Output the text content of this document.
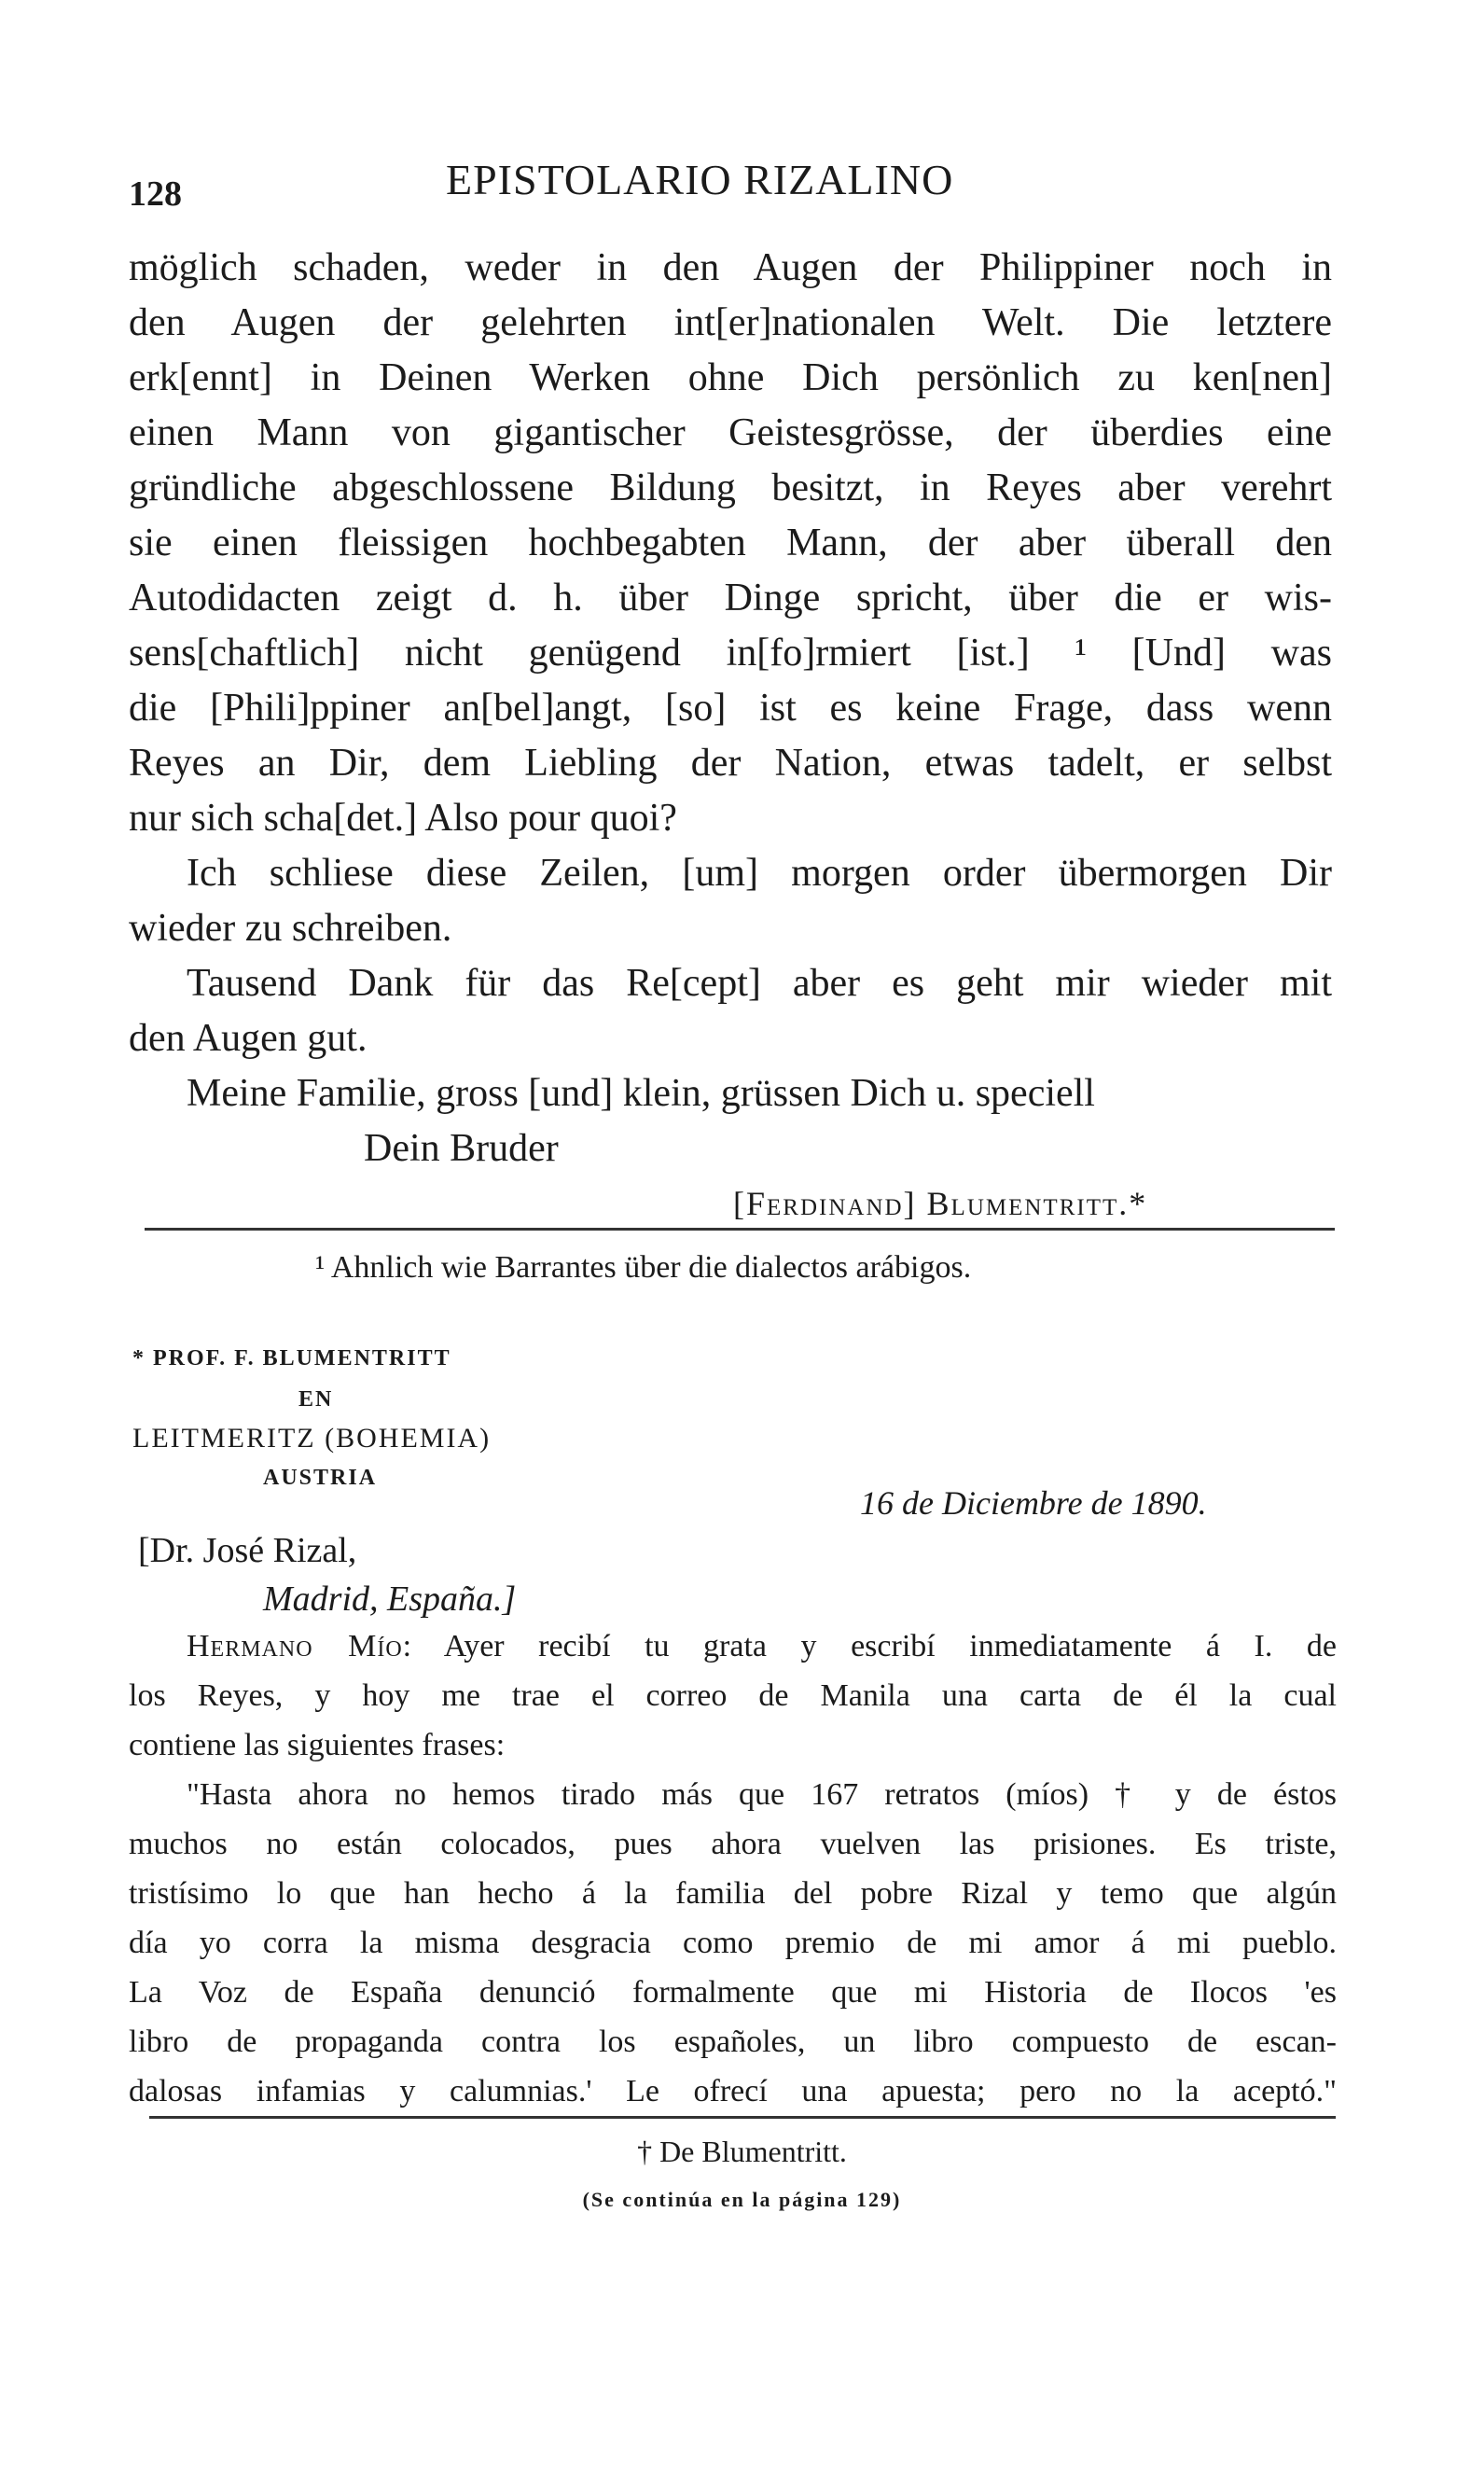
128	EPISTOLARIO RIZALINO
möglich schaden, weder in den Augen der Philippiner noch in
den Augen der gelehrten int[er]nationalen Welt. Die letztere
erk[ennt] in Deinen Werken ohne Dich persönlich zu ken[nen]
einen Mann von gigantischer Geistesgrösse, der überdies eine
gründliche abgeschlossene Bildung besitzt, in Reyes aber verehrt
sie einen fleissigen hochbegabten Mann, der aber überall den
Autodidacten zeigt d. h. über Dinge spricht, über die er wis-
sens[chaftlich] nicht genügend in[fo]rmiert [ist.] ¹ [Und] was
die [Phili]ppiner an[bel]angt, [so] ist es keine Frage, dass wenn
Reyes an Dir, dem Liebling der Nation, etwas tadelt, er selbst
nur sich scha[det.] Also pour quoi?
Ich schliese diese Zeilen, [um] morgen order übermorgen Dir
wieder zu schreiben.
Tausend Dank für das Re[cept] aber es geht mir wieder mit
den Augen gut.
Meine Familie, gross [und] klein, grüssen Dich u. speciell
Dein Bruder
[Ferdinand] Blumentritt.*
¹ Ahnlich wie Barrantes über die dialectos arábigos.
* PROF. F. BLUMENTRITT
EN
LEITMERITZ (BOHEMIA)
AUSTRIA
16 de Diciembre de 1890.
[Dr. José Rizal,
Madrid, España.]
Hermano Mío: Ayer recibí tu grata y escribí inmediatamente á I. de
los Reyes, y hoy me trae el correo de Manila una carta de él la cual
contiene las siguientes frases:
"Hasta ahora no hemos tirado más que 167 retratos (míos) † y de éstos
muchos no están colocados, pues ahora vuelven las prisiones. Es triste,
tristísimo lo que han hecho á la familia del pobre Rizal y temo que algún
día yo corra la misma desgracia como premio de mi amor á mi pueblo.
La Voz de España denunció formalmente que mi Historia de Ilocos 'es
libro de propaganda contra los españoles, un libro compuesto de escan-
dalosas infamias y calumnias.' Le ofrecí una apuesta; pero no la aceptó."
† De Blumentritt.
(Se continúa en la página 129)
